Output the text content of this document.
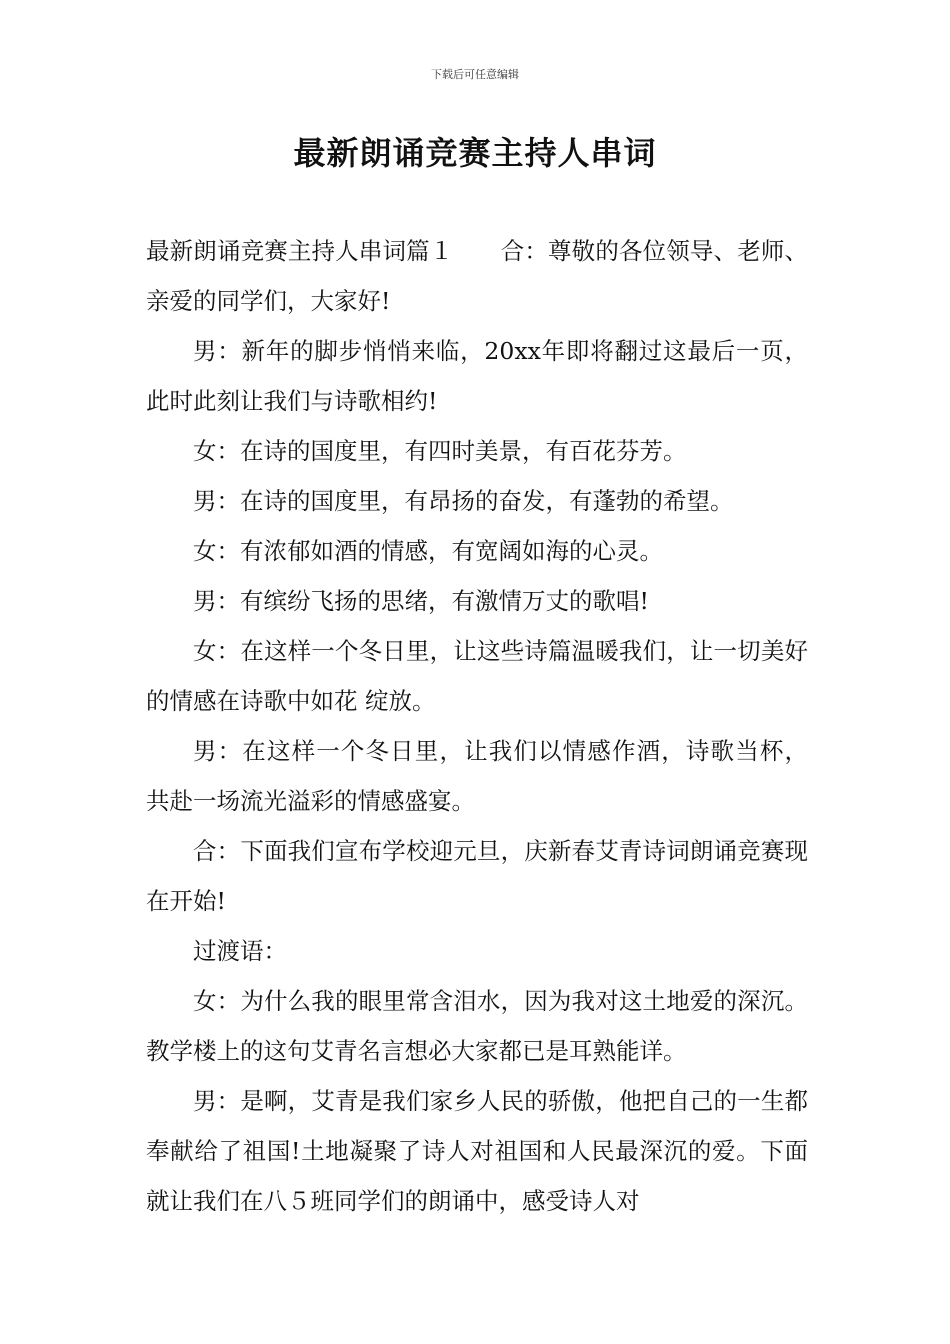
下载后可任意编辑
最新朗诵竞赛主持人串词

最新朗诵竞赛主持人串词篇１　　合：尊敬的各位领导、老师、亲爱的同学们，大家好!

男：新年的脚步悄悄来临，20xx年即将翻过这最后一页，此时此刻让我们与诗歌相约!

女：在诗的国度里，有四时美景，有百花芬芳。

男：在诗的国度里，有昂扬的奋发，有蓬勃的希望。

女：有浓郁如酒的情感，有宽阔如海的心灵。

男：有缤纷飞扬的思绪，有激情万丈的歌唱!

女：在这样一个冬日里，让这些诗篇温暖我们，让一切美好的情感在诗歌中如花 绽放。

男：在这样一个冬日里，让我们以情感作酒，诗歌当杯， 共赴一场流光溢彩的情感盛宴。

合：下面我们宣布学校迎元旦，庆新春艾青诗词朗诵竞赛现在开始!

过渡语：

女：为什么我的眼里常含泪水，因为我对这土地爱的深沉。教学楼上的这句艾青名言想必大家都已是耳熟能详。

男：是啊，艾青是我们家乡人民的骄傲，他把自己的一生都奉献给了祖国!土地凝聚了诗人对祖国和人民最深沉的爱。下面就让我们在八５班同学们的朗诵中，感受诗人对
